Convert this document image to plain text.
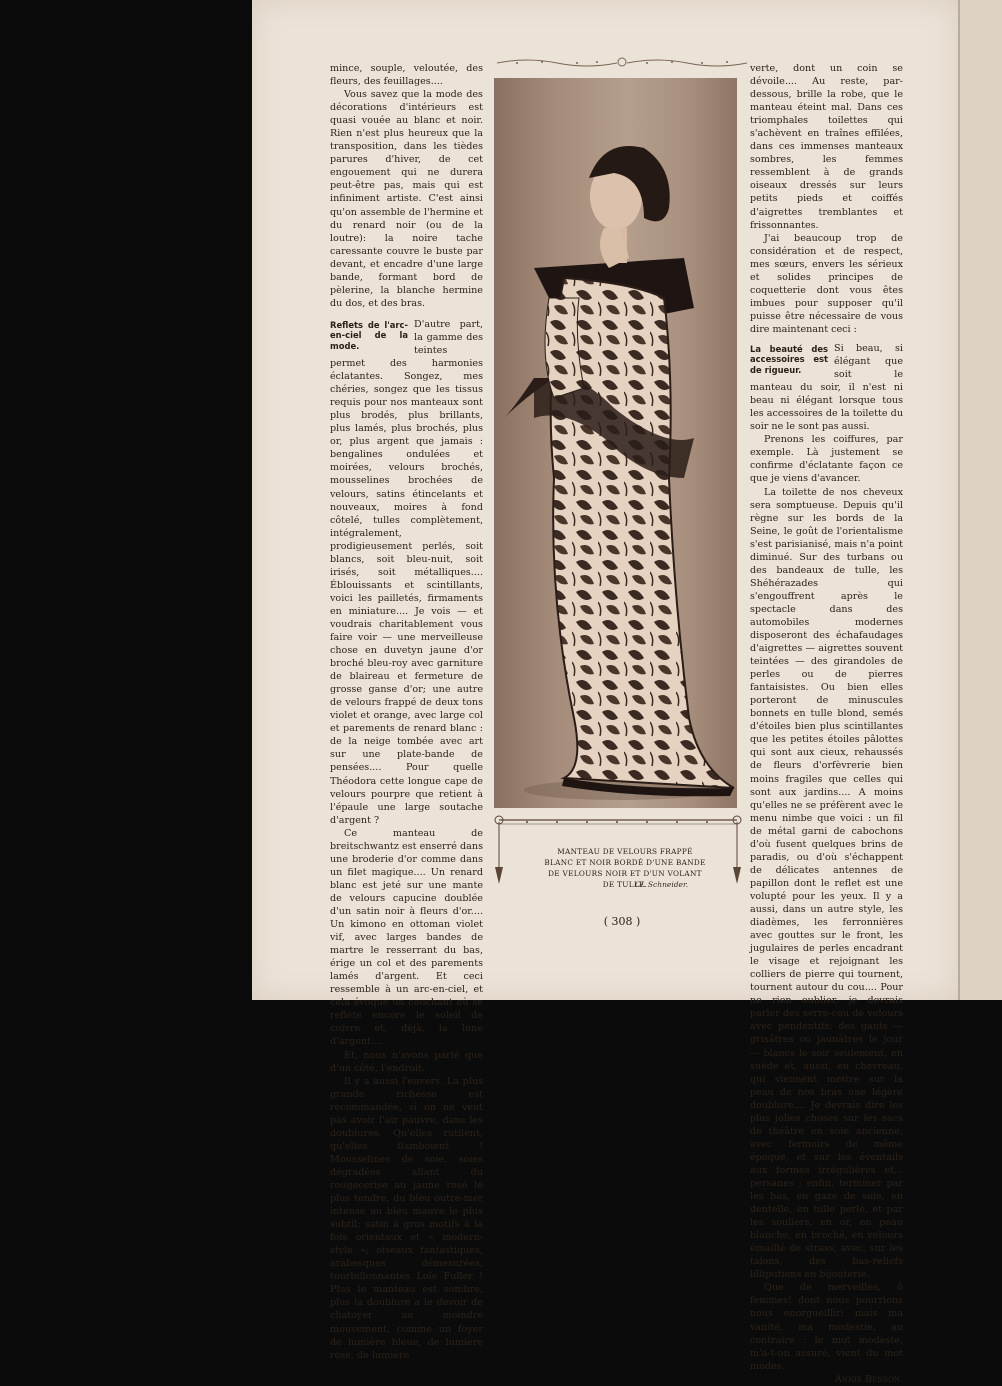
mince, souple, veloutée, des fleurs, des feuillages....

Vous savez que la mode des décorations d'intérieurs est quasi vouée au blanc et noir. Rien n'est plus heureux que la transposition, dans les tièdes parures d'hiver, de cet engouement qui ne durera peut-être pas, mais qui est infiniment artiste. C'est ainsi qu'on assemble de l'hermine et du renard noir (ou de la loutre): la noire tache caressante couvre le buste par devant, et encadre d'une large bande, formant bord de pèlerine, la blanche hermine du dos, et des bras.

Reflets de l'arc-en-ciel de la mode.
D'autre part, la gamme des teintes permet des harmonies éclatantes. Songez, mes chéries, songez que les tissus requis pour nos manteaux sont plus brodés, plus brillants, plus lamés, plus brochés, plus or, plus argent que jamais : bengalines ondulées et moirées, velours brochés, mousselines brochées de velours, satins étincelants et nouveaux, moires à fond côtelé, tulles complètement, intégralement, prodigieusement perlés, soit blancs, soit bleu-nuit, soit irisés, soit métalliques.... Éblouissants et scintillants, voici les pailletés, firmaments en miniature.... Je vois — et voudrais charitablement vous faire voir — une merveilleuse chose en duvetyn jaune d'or broché bleu-roy avec garniture de blaireau et fermeture de grosse ganse d'or; une autre de velours frappé de deux tons violet et orange, avec large col et parements de renard blanc : de la neige tombée avec art sur une plate-bande de pensées.... Pour quelle Théodora cette longue cape de velours pourpre que retient à l'épaule une large soutache d'argent ?

Ce manteau de breitschwantz est enserré dans une broderie d'or comme dans un filet magique.... Un renard blanc est jeté sur une mante de velours capucine doublée d'un satin noir à fleurs d'or.... Un kimono en ottoman violet vif, avec larges bandes de martre le resserrant du bas, érige un col et des parements lamés d'argent. Et ceci ressemble à un arc-en-ciel, et cela évoque un couchant où se reflète encore le soleil de cuivre et, déjà, la lune d'argent....

Et, nous n'avons parlé que d'un côté, l'endroit.

Il y a aussi l'envers. La plus grande richesse est recommandée, si on ne veut pas avoir l'air pauvre, dans les doublures. Qu'elles rutilent, qu'elles flamboient ! Mousselines de soie, soies dégradées allant du rougecerise au jaune rosé le plus tendre, du bleu outre-mer intense au bleu mauve le plus subtil; satin à gros motifs à la fois orientaux et « modern-style »; oiseaux fantastiques, arabesques démesurées, tourbillonnantes Loïe Fuller ! Plus le manteau est sombre, plus la doublure a le devoir de chatoyer au moindre mouvement, comme un foyer de lumière bleue, de lumière rose, de lumière

MANTEAU DE VELOURS FRAPPÉ BLANC ET NOIR BORDÉ D'UNE BANDE DE VELOURS NOIR ET D'UN VOLANT DE TULLE.
Cl. Schneider.

verte, dont un coin se dévoile.... Au reste, par-dessous, brille la robe, que le manteau éteint mal. Dans ces triomphales toilettes qui s'achèvent en traînes effilées, dans ces immenses manteaux sombres, les femmes ressemblent à de grands oiseaux dressés sur leurs petits pieds et coiffés d'aigrettes tremblantes et frissonnantes.

J'ai beaucoup trop de considération et de respect, mes sœurs, envers les sérieux et solides principes de coquetterie dont vous êtes imbues pour supposer qu'il puisse être nécessaire de vous dire maintenant ceci :

La beauté des accessoires est de rigueur.
Si beau, si élégant que soit le manteau du soir, il n'est ni beau ni élégant lorsque tous les accessoires de la toilette du soir ne le sont pas aussi.

Prenons les coiffures, par exemple. Là justement se confirme d'éclatante façon ce que je viens d'avancer.

La toilette de nos cheveux sera somptueuse. Depuis qu'il règne sur les bords de la Seine, le goût de l'orientalisme s'est parisianisé, mais n'a point diminué. Sur des turbans ou des bandeaux de tulle, les Shéhérazades qui s'engouffrent après le spectacle dans des automobiles modernes disposeront des échafaudages d'aigrettes — aigrettes souvent teintées — des girandoles de perles ou de pierres fantaisistes. Ou bien elles porteront de minuscules bonnets en tulle blond, semés d'étoiles bien plus scintillantes que les petites étoiles pâlottes qui sont aux cieux, rehaussés de fleurs d'orfèvrerie bien moins fragiles que celles qui sont aux jardins.... A moins qu'elles ne se préfèrent avec le menu nimbe que voici : un fil de métal garni de cabochons d'où fusent quelques brins de paradis, ou d'où s'échappent de délicates antennes de papillon dont le reflet est une volupté pour les yeux. Il y a aussi, dans un autre style, les diadèmes, les ferronnières avec gouttes sur le front, les jugulaires de perles encadrant le visage et rejoignant les colliers de pierre qui tournent, tournent autour du cou.... Pour ne rien oublier, je devrais parler des serre-cou de velours avec pendentifs; des gants — grisâtres ou jaunâtres le jour — blancs le soir seulement, en suède et, aussi, en chevreau, qui viennent mettre sur la peau de nos bras une légère doublure.... Je devrais dire les plus jolies choses sur les sacs de théâtre en soie ancienne, avec fermoirs de même époque, et sur les éventails aux formes irrégulières et... persanes ; enfin, terminer par les bas, en gaze de soie, en dentelle, en tulle perlé, et par les souliers, en or, en peau blanche, en broché, en velours émaillé de strass, avec, sur les talons, des bas-reliefs lilliputiens en bijouterie.

Que de merveilles, ô femmes! dont nous pourrions nous enorgueillir; mais ma vanité, ma modestie, au contraire : le mot modeste, m'a-t-on assuré, vient du mot modes.

Annie Benson.

( 308 )
